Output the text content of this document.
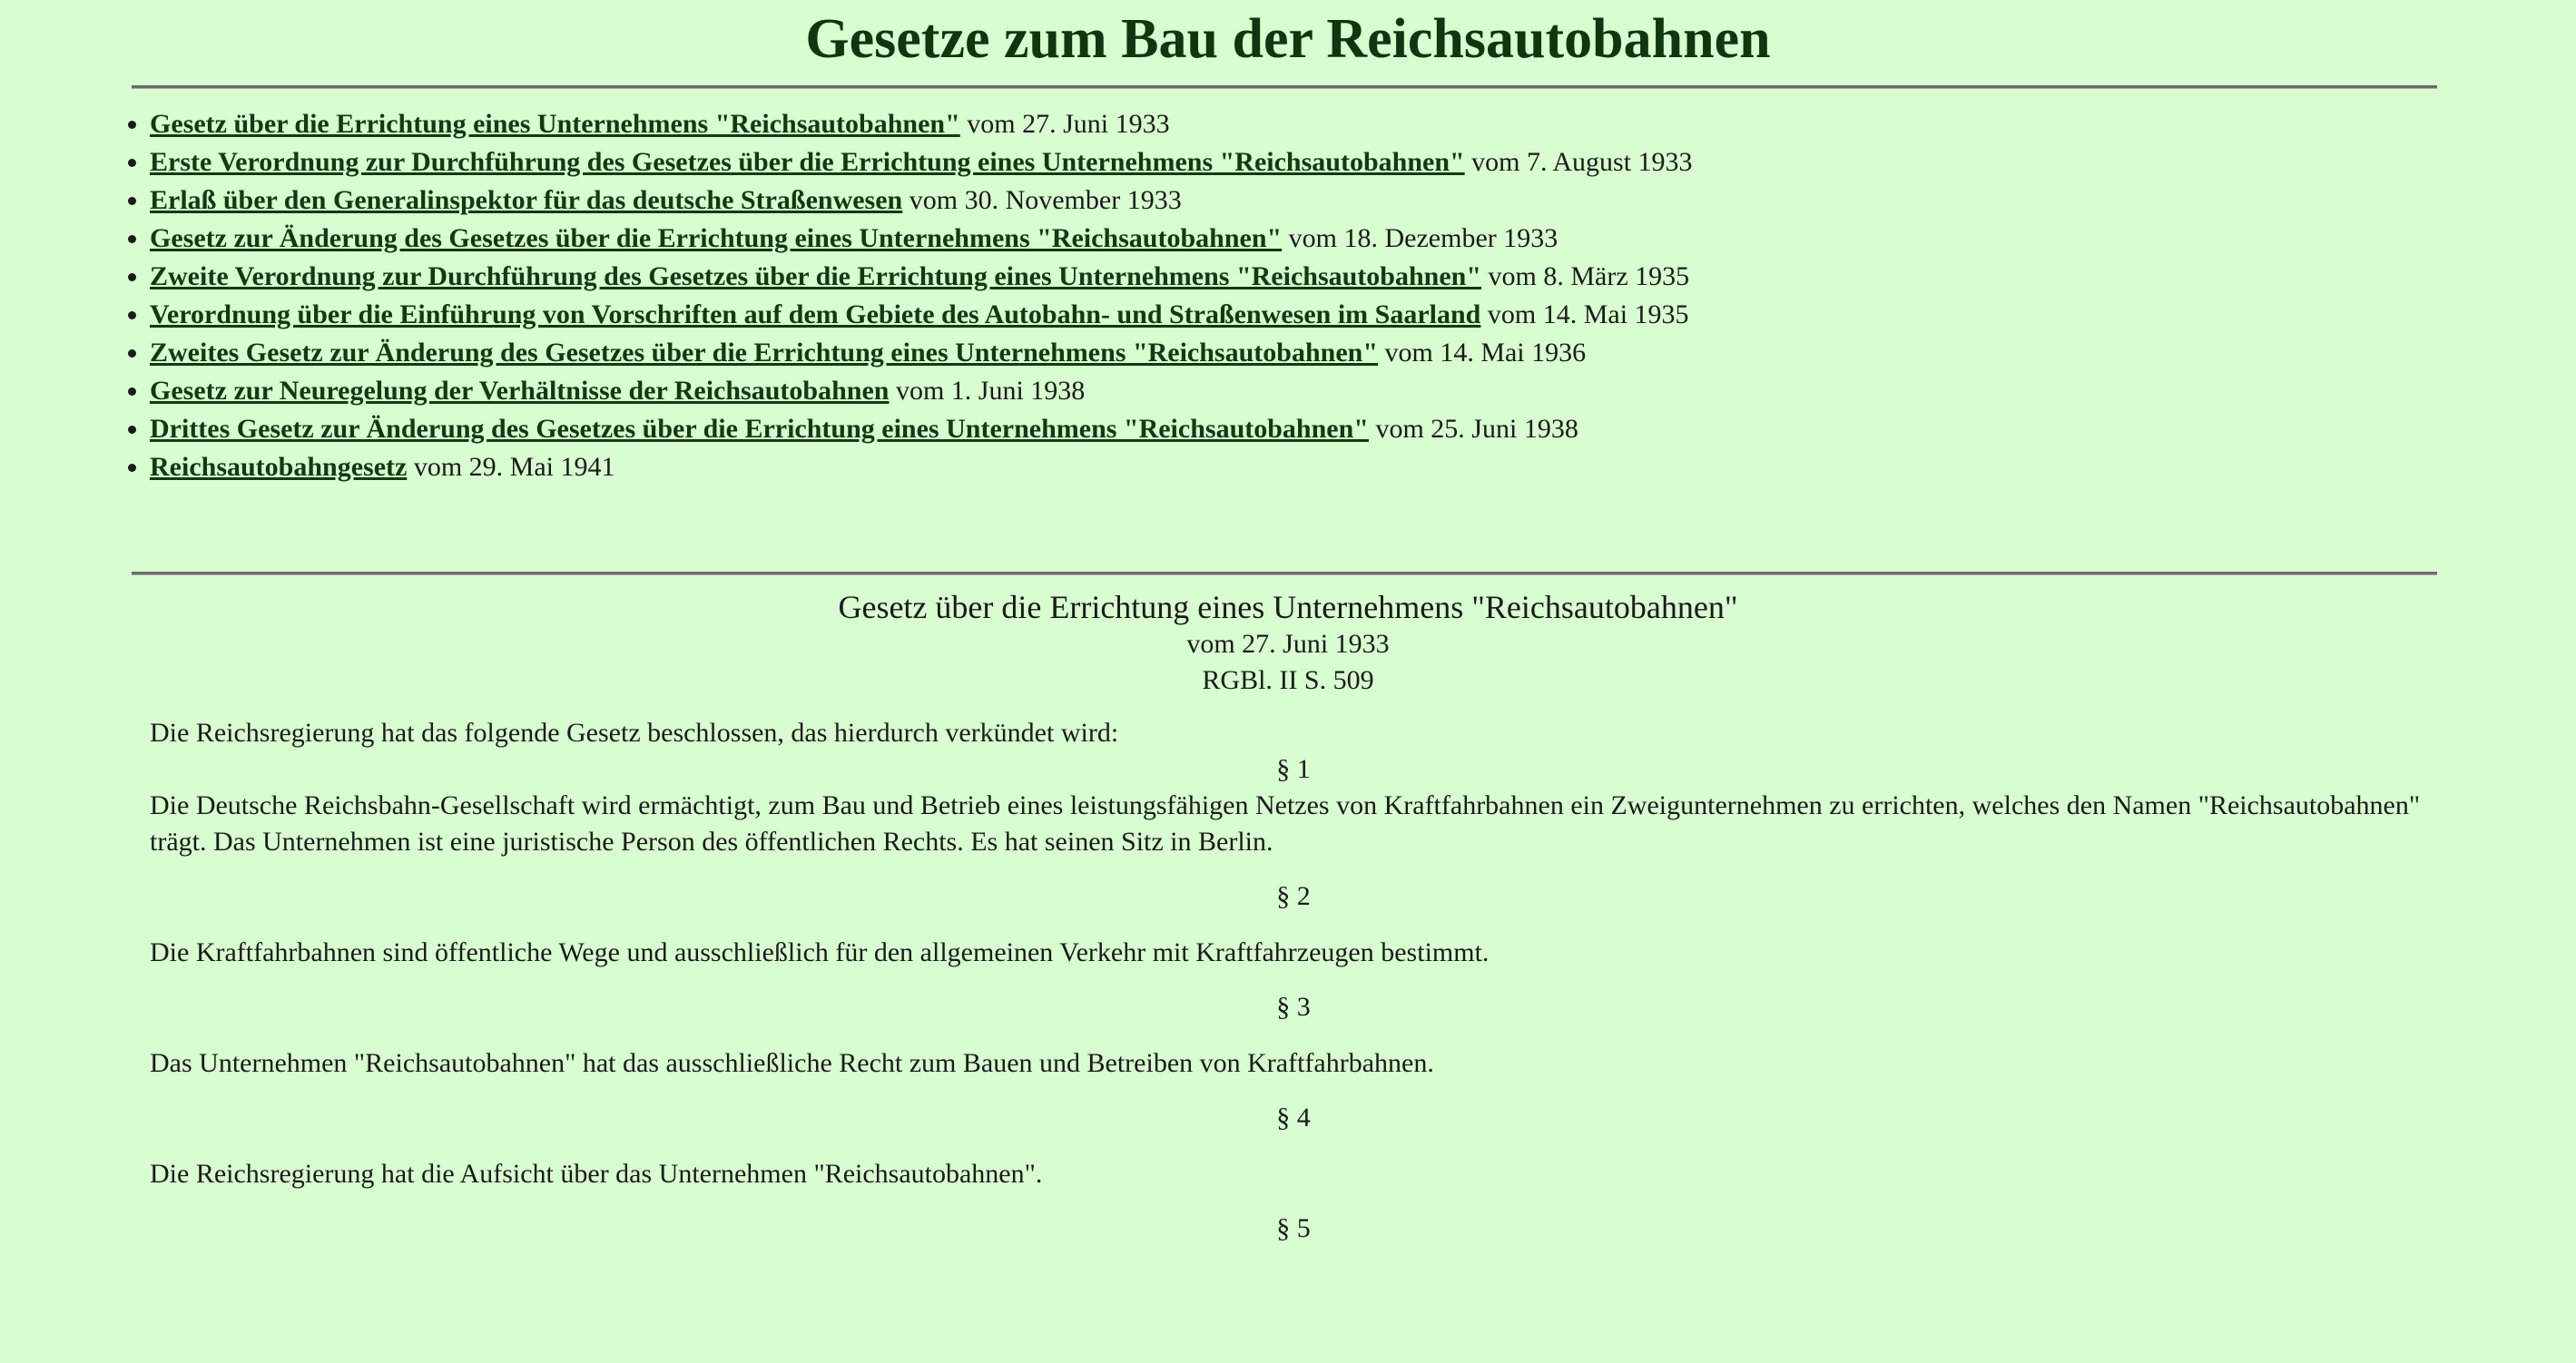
Gesetze zum Bau der Reichsautobahnen
• Gesetz über die Errichtung eines Unternehmens "Reichsautobahnen" vom 27. Juni 1933
• Erste Verordnung zur Durchführung des Gesetzes über die Errichtung eines Unternehmens "Reichsautobahnen" vom 7. August 1933
• Erlaß über den Generalinspektor für das deutsche Straßenwesen vom 30. November 1933
• Gesetz zur Änderung des Gesetzes über die Errichtung eines Unternehmens "Reichsautobahnen" vom 18. Dezember 1933
• Zweite Verordnung zur Durchführung des Gesetzes über die Errichtung eines Unternehmens "Reichsautobahnen" vom 8. März 1935
• Verordnung über die Einführung von Vorschriften auf dem Gebiete des Autobahn- und Straßenwesen im Saarland vom 14. Mai 1935
• Zweites Gesetz zur Änderung des Gesetzes über die Errichtung eines Unternehmens "Reichsautobahnen" vom 14. Mai 1936
• Gesetz zur Neuregelung der Verhältnisse der Reichsautobahnen vom 1. Juni 1938
• Drittes Gesetz zur Änderung des Gesetzes über die Errichtung eines Unternehmens "Reichsautobahnen" vom 25. Juni 1938
• Reichsautobahngesetz vom 29. Mai 1941
Gesetz über die Errichtung eines Unternehmens "Reichsautobahnen"
vom 27. Juni 1933
RGBl. II S. 509

Die Reichsregierung hat das folgende Gesetz beschlossen, das hierdurch verkündet wird:

§ 1

Die Deutsche Reichsbahn-Gesellschaft wird ermächtigt, zum Bau und Betrieb eines leistungsfähigen Netzes von Kraftfahrbahnen ein Zweigunternehmen zu errichten, welches den Namen "Reichsautobahnen" trägt. Das Unternehmen ist eine juristische Person des öffentlichen Rechts. Es hat seinen Sitz in Berlin.

§ 2

Die Kraftfahrbahnen sind öffentliche Wege und ausschließlich für den allgemeinen Verkehr mit Kraftfahrzeugen bestimmt.

§ 3

Das Unternehmen "Reichsautobahnen" hat das ausschließliche Recht zum Bauen und Betreiben von Kraftfahrbahnen.

§ 4

Die Reichsregierung hat die Aufsicht über das Unternehmen "Reichsautobahnen".

§ 5
